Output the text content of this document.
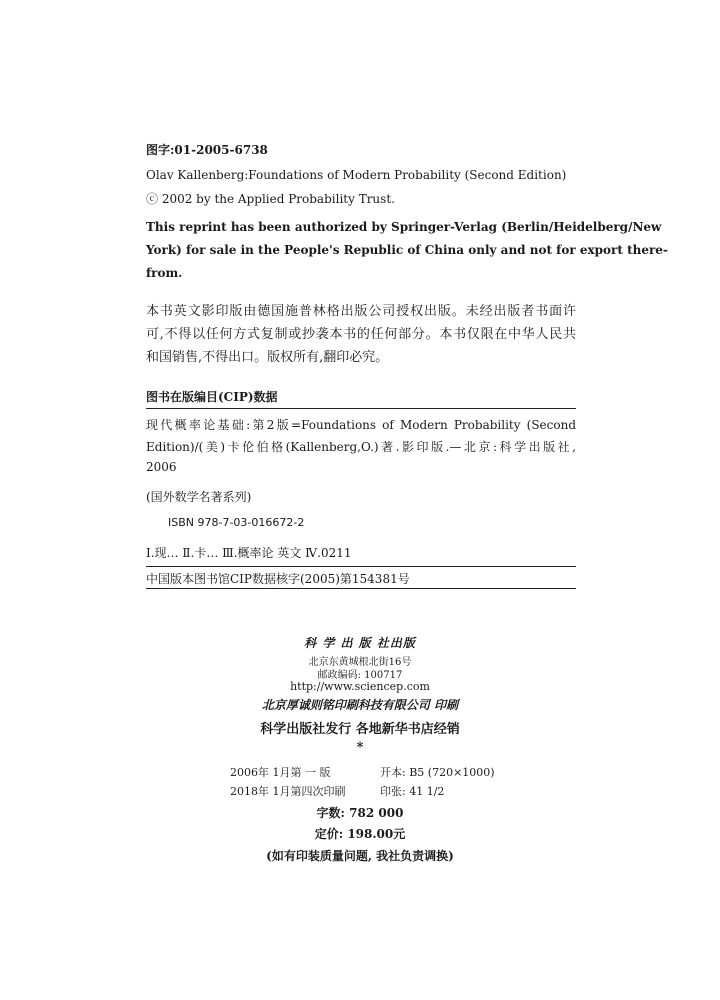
图字:01-2005-6738
Olav Kallenberg:Foundations of Modern Probability (Second Edition)
ⓒ 2002 by the Applied Probability Trust.
This reprint has been authorized by Springer-Verlag (Berlin/Heidelberg/New
York) for sale in the People's Republic of China only and not for export there-
from.
本书英文影印版由德国施普林格出版公司授权出版。未经出版者书面许
可,不得以任何方式复制或抄袭本书的任何部分。本书仅限在中华人民共
和国销售,不得出口。版权所有,翻印必究。
图书在版编目(CIP)数据
现代概率论基础:第2版=Foundations of Modern Probability (Second
Edition)/(美)卡伦伯格(Kallenberg,O.)著.影印版.—北京:科学出版社,
2006
(国外数学名著系列)
ISBN 978-7-03-016672-2
Ⅰ.现… Ⅱ.卡… Ⅲ.概率论 英文 Ⅳ.0211
中国版本图书馆CIP数据核字(2005)第154381号
科 学 出 版 社出版
北京东黄城根北街16号
邮政编码: 100717
http://www.sciencep.com
北京厚诚则铭印刷科技有限公司 印刷
科学出版社发行 各地新华书店经销
*
2006年 1月第 一 版	开本: B5 (720×1000)
2018年 1月第四次印刷	印张: 41 1/2
字数: 782 000
定价: 198.00元
(如有印装质量问题, 我社负责调换)
